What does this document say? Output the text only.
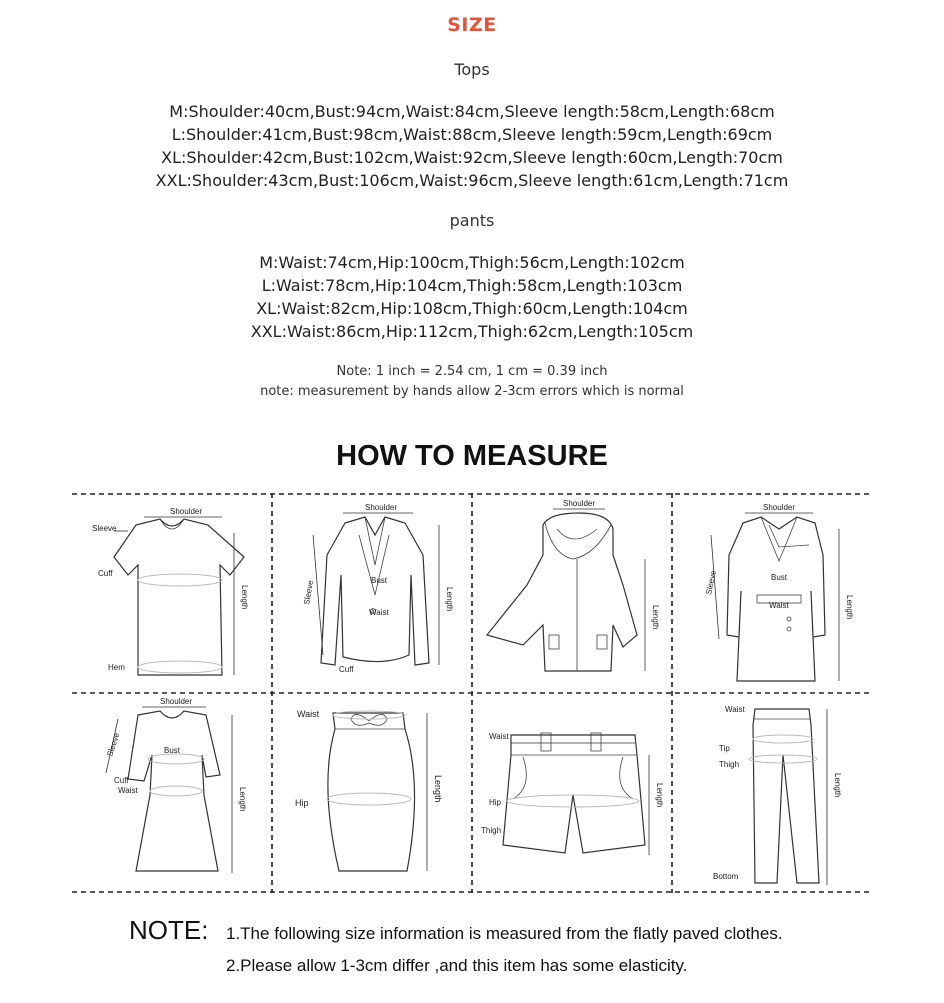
SIZE
Tops
M:Shoulder:40cm,Bust:94cm,Waist:84cm,Sleeve length:58cm,Length:68cm
L:Shoulder:41cm,Bust:98cm,Waist:88cm,Sleeve length:59cm,Length:69cm
XL:Shoulder:42cm,Bust:102cm,Waist:92cm,Sleeve length:60cm,Length:70cm
XXL:Shoulder:43cm,Bust:106cm,Waist:96cm,Sleeve length:61cm,Length:71cm
pants
M:Waist:74cm,Hip:100cm,Thigh:56cm,Length:102cm
L:Waist:78cm,Hip:104cm,Thigh:58cm,Length:103cm
XL:Waist:82cm,Hip:108cm,Thigh:60cm,Length:104cm
XXL:Waist:86cm,Hip:112cm,Thigh:62cm,Length:105cm
Note: 1 inch = 2.54 cm, 1 cm = 0.39 inch
note: measurement by hands allow 2-3cm errors which is normal
HOW TO MEASURE
Shoulder
Sleeve
Cuff
Hem
Length
Shoulder
Sleeve	Bust
Waist
Cuff
Length
Shoulder
Length
Shoulder
Sleeve	Bust
Waist	Length
Shoulder
Sleeve	Bust
Cuff
Waist	Length
Waist
Hip
Length
Waist
Hip
Thigh
Length
Waist
Tip
Thigh
Bottom
Length
NOTE: 1.The following size information is measured from the flatly paved clothes.
2.Please allow 1-3cm differ ,and this item has some elasticity.
